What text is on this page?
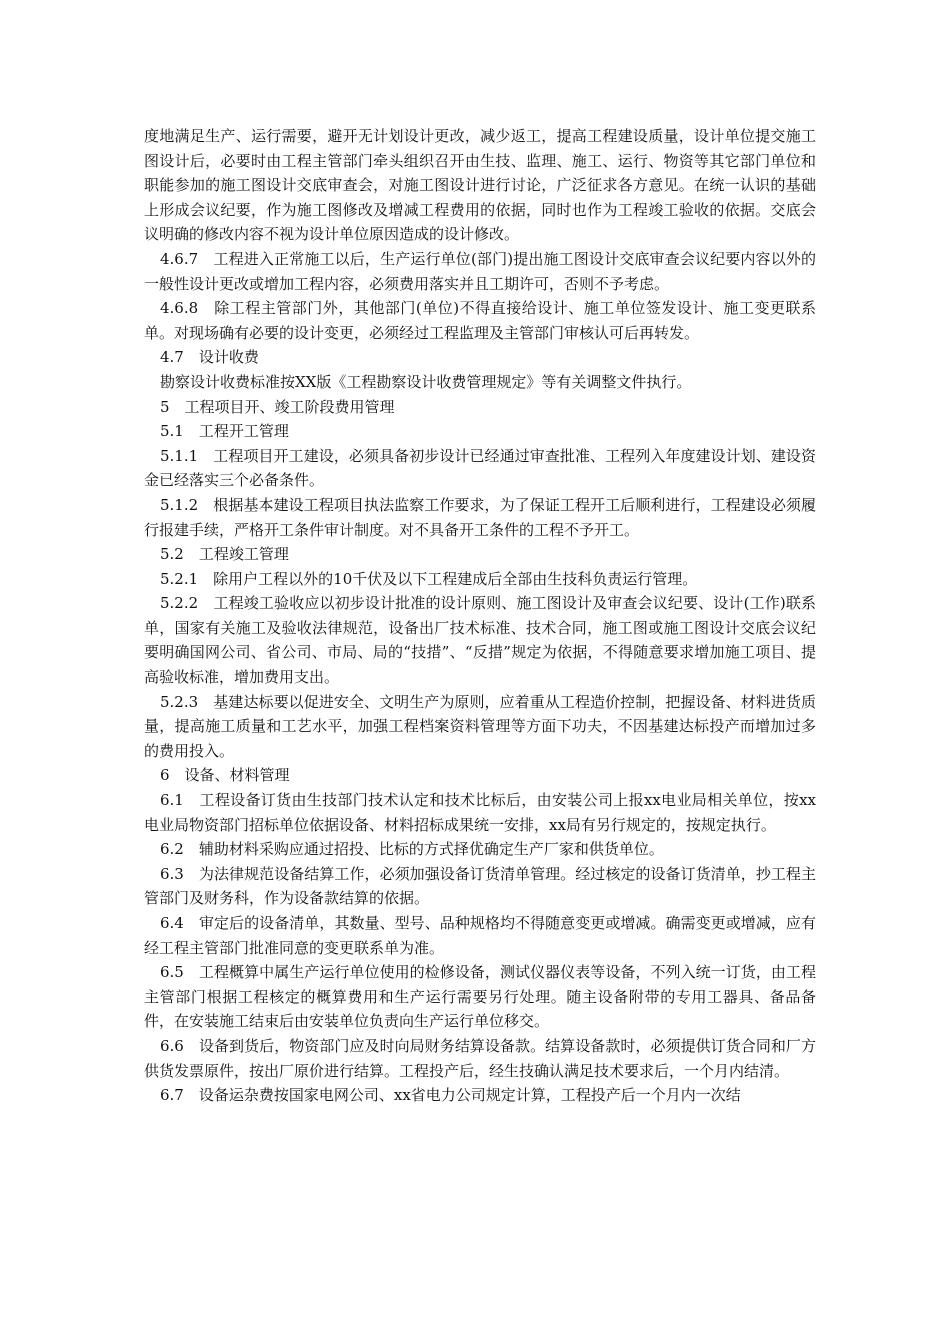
度地满足生产、运行需要，避开无计划设计更改，减少返工，提高工程建设质量，设计单位提交施工图设计后，必要时由工程主管部门牵头组织召开由生技、监理、施工、运行、物资等其它部门单位和职能参加的施工图设计交底审查会，对施工图设计进行讨论，广泛征求各方意见。在统一认识的基础上形成会议纪要，作为施工图修改及增减工程费用的依据，同时也作为工程竣工验收的依据。交底会议明确的修改内容不视为设计单位原因造成的设计修改。

4.6.7　工程进入正常施工以后，生产运行单位(部门)提出施工图设计交底审查会议纪要内容以外的一般性设计更改或增加工程内容，必须费用落实并且工期许可，否则不予考虑。

4.6.8　除工程主管部门外，其他部门(单位)不得直接给设计、施工单位签发设计、施工变更联系单。对现场确有必要的设计变更，必须经过工程监理及主管部门审核认可后再转发。

4.7　设计收费

勘察设计收费标准按XX版《工程勘察设计收费管理规定》等有关调整文件执行。

5　工程项目开、竣工阶段费用管理

5.1　工程开工管理

5.1.1　工程项目开工建设，必须具备初步设计已经通过审查批准、工程列入年度建设计划、建设资金已经落实三个必备条件。

5.1.2　根据基本建设工程项目执法监察工作要求，为了保证工程开工后顺利进行，工程建设必须履行报建手续，严格开工条件审计制度。对不具备开工条件的工程不予开工。

5.2　工程竣工管理

5.2.1　除用户工程以外的10千伏及以下工程建成后全部由生技科负责运行管理。

5.2.2　工程竣工验收应以初步设计批准的设计原则、施工图设计及审查会议纪要、设计(工作)联系单，国家有关施工及验收法律规范，设备出厂技术标准、技术合同，施工图或施工图设计交底会议纪要明确国网公司、省公司、市局、局的“技措”、“反措”规定为依据，不得随意要求增加施工项目、提高验收标准，增加费用支出。

5.2.3　基建达标要以促进安全、文明生产为原则，应着重从工程造价控制，把握设备、材料进货质量，提高施工质量和工艺水平，加强工程档案资料管理等方面下功夫，不因基建达标投产而增加过多的费用投入。

6　设备、材料管理

6.1　工程设备订货由生技部门技术认定和技术比标后，由安装公司上报xx电业局相关单位，按xx电业局物资部门招标单位依据设备、材料招标成果统一安排，xx局有另行规定的，按规定执行。

6.2　辅助材料采购应通过招投、比标的方式择优确定生产厂家和供货单位。

6.3　为法律规范设备结算工作，必须加强设备订货清单管理。经过核定的设备订货清单，抄工程主管部门及财务科，作为设备款结算的依据。

6.4　审定后的设备清单，其数量、型号、品种规格均不得随意变更或增减。确需变更或增减，应有经工程主管部门批准同意的变更联系单为准。

6.5　工程概算中属生产运行单位使用的检修设备，测试仪器仪表等设备，不列入统一订货，由工程主管部门根据工程核定的概算费用和生产运行需要另行处理。随主设备附带的专用工器具、备品备件，在安装施工结束后由安装单位负责向生产运行单位移交。

6.6　设备到货后，物资部门应及时向局财务结算设备款。结算设备款时，必须提供订货合同和厂方供货发票原件，按出厂原价进行结算。工程投产后，经生技确认满足技术要求后，一个月内结清。

6.7　设备运杂费按国家电网公司、xx省电力公司规定计算，工程投产后一个月内一次结
